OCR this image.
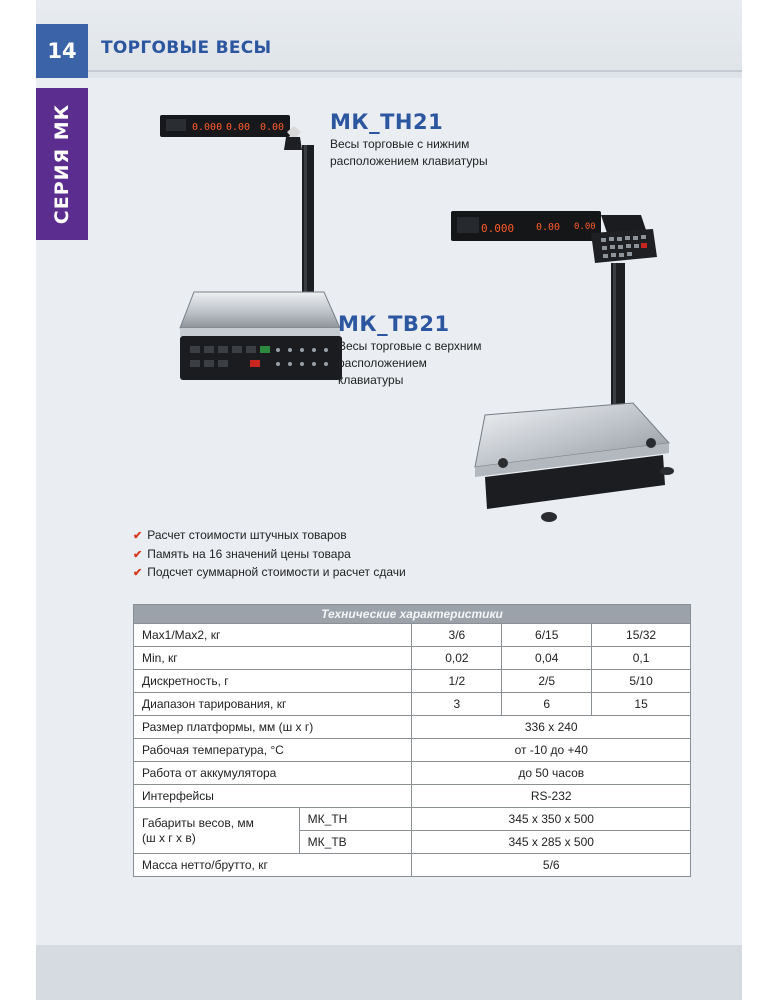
14	ТОРГОВЫЕ ВЕСЫ
СЕРИЯ МК	0.000 0.00 0.00
0.000 0.00 0.00
МК_ТН21
Весы торговые с нижним
расположением клавиатуры
МК_ТВ21
Весы торговые с верхним
расположением
клавиатуры
✔ Расчет стоимости штучных товаров
✔ Память на 16 значений цены товара
✔ Подсчет суммарной стоимости и расчет сдачи
Технические характеристики				
Max1/Max2, кг		3/6	6/15	15/32
Min, кг		0,02	0,04	0,1
Дискретность, г		1/2	2/5	5/10
Диапазон тарирования, кг		3	6	15
Размер платформы, мм (ш х г)		336 х 240		
Рабочая температура, °С		от -10 до +40		
Работа от аккумулятора		до 50 часов		
Интерфейсы		RS-232		

Габариты весов, мм
(ш х г х в)	МК_ТН	345 х 350 х 500		
	МК_ТВ	345 х 285 х 500		
Масса нетто/брутто, кг		5/6		
